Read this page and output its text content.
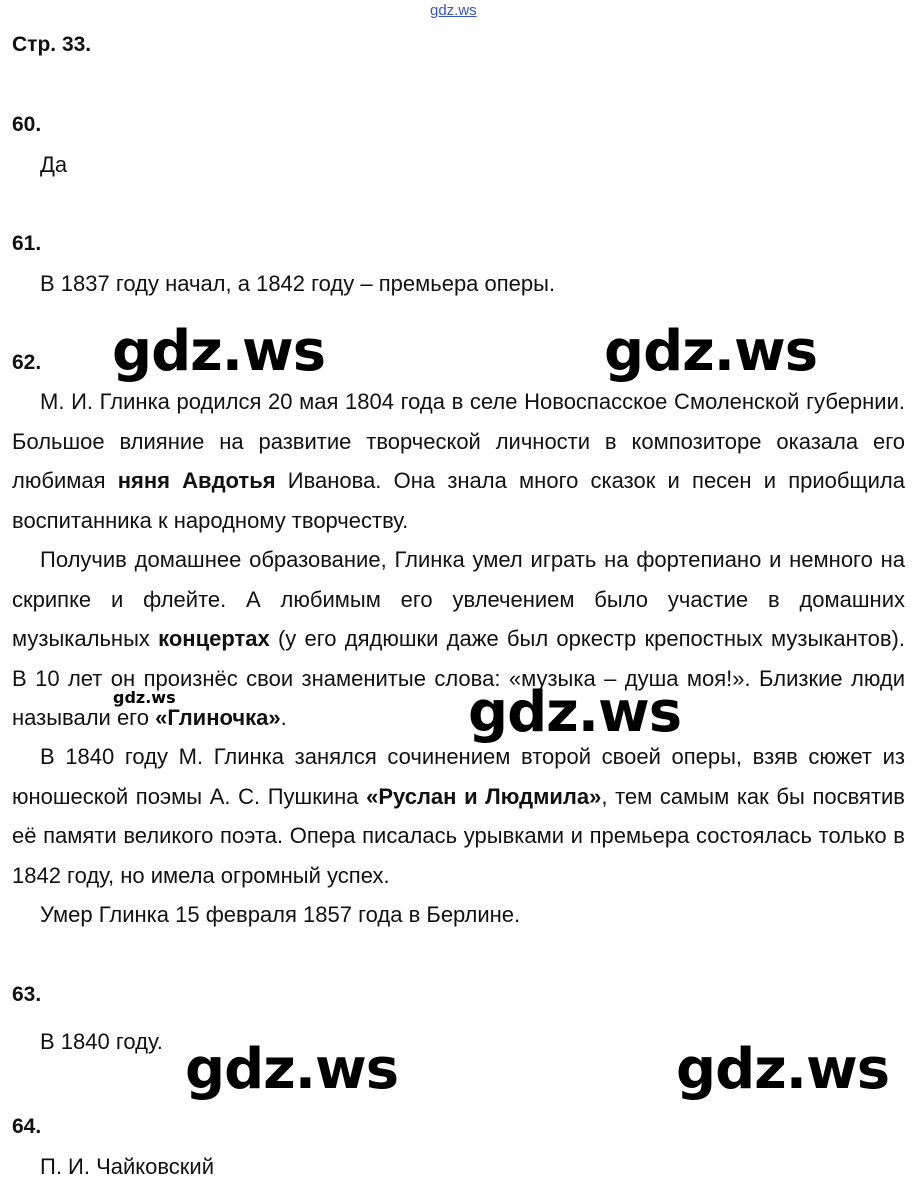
gdz.ws
Стр. 33.
60.
Да
61.
В 1837 году начал, а 1842 году – премьера оперы.
62.
М. И. Глинка родился 20 мая 1804 года в селе Новоспасское Смоленской губернии. Большое влияние на развитие творческой личности в композиторе оказала его любимая няня Авдотья Иванова. Она знала много сказок и песен и приобщила воспитанника к народному творчеству.
Получив домашнее образование, Глинка умел играть на фортепиано и немного на скрипке и флейте. А любимым его увлечением было участие в домашних музыкальных концертах (у его дядюшки даже был оркестр крепостных музыкантов). В 10 лет он произнёс свои знаменитые слова: «музыка – душа моя!». Близкие люди называли его «Глиночка».
В 1840 году М. Глинка занялся сочинением второй своей оперы, взяв сюжет из юношеской поэмы А. С. Пушкина «Руслан и Людмила», тем самым как бы посвятив её памяти великого поэта. Опера писалась урывками и премьера состоялась только в 1842 году, но имела огромный успех.
Умер Глинка 15 февраля 1857 года в Берлине.
63.
В 1840 году.
64.
П. И. Чайковский
gdz.ws	gdz.ws
gdz.ws
gdz.ws
gdz.ws	gdz.ws
